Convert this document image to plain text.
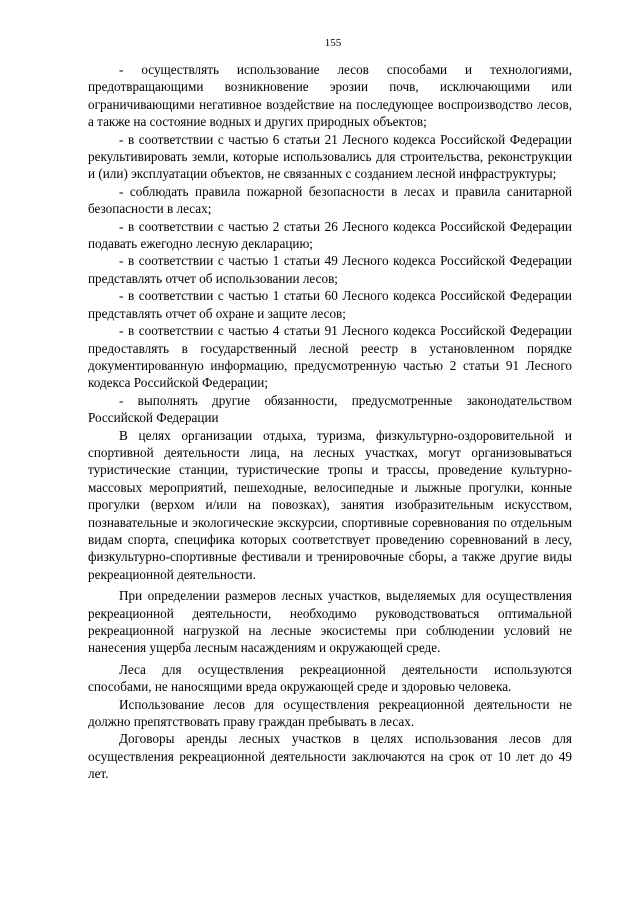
155

- осуществлять использование лесов способами и технологиями, предотвращающими возникновение эрозии почв, исключающими или ограничивающими негативное воздействие на последующее воспроизводство лесов, а также на состояние водных и других природных объектов;

- в соответствии с частью 6 статьи 21 Лесного кодекса Российской Федерации рекультивировать земли, которые использовались для строительства, реконструкции и (или) эксплуатации объектов, не связанных с созданием лесной инфраструктуры;

- соблюдать правила пожарной безопасности в лесах и правила санитарной безопасности в лесах;

- в соответствии с частью 2 статьи 26 Лесного кодекса Российской Федерации подавать ежегодно лесную декларацию;

- в соответствии с частью 1 статьи 49 Лесного кодекса Российской Федерации представлять отчет об использовании лесов;

- в соответствии с частью 1 статьи 60 Лесного кодекса Российской Федерации представлять отчет об охране и защите лесов;

- в соответствии с частью 4 статьи 91 Лесного кодекса Российской Федерации предоставлять в государственный лесной реестр в установленном порядке документированную информацию, предусмотренную частью 2 статьи 91 Лесного кодекса Российской Федерации;

- выполнять другие обязанности, предусмотренные законодательством Российской Федерации

В целях организации отдыха, туризма, физкультурно-оздоровительной и спортивной деятельности лица, на лесных участках, могут организовываться туристические станции, туристические тропы и трассы, проведение культурно-массовых мероприятий, пешеходные, велосипедные и лыжные прогулки, конные прогулки (верхом и/или на повозках), занятия изобразительным искусством, познавательные и экологические экскурсии, спортивные соревнования по отдельным видам спорта, специфика которых соответствует проведению соревнований в лесу, физкультурно-спортивные фестивали и тренировочные сборы, а также другие виды рекреационной деятельности.

При определении размеров лесных участков, выделяемых для осуществления рекреационной деятельности, необходимо руководствоваться оптимальной рекреационной нагрузкой на лесные экосистемы при соблюдении условий не нанесения ущерба лесным насаждениям и окружающей среде.

Леса для осуществления рекреационной деятельности используются способами, не наносящими вреда окружающей среде и здоровью человека.

Использование лесов для осуществления рекреационной деятельности не должно препятствовать праву граждан пребывать в лесах.

Договоры аренды лесных участков в целях использования лесов для осуществления рекреационной деятельности заключаются на срок от 10 лет до 49 лет.
